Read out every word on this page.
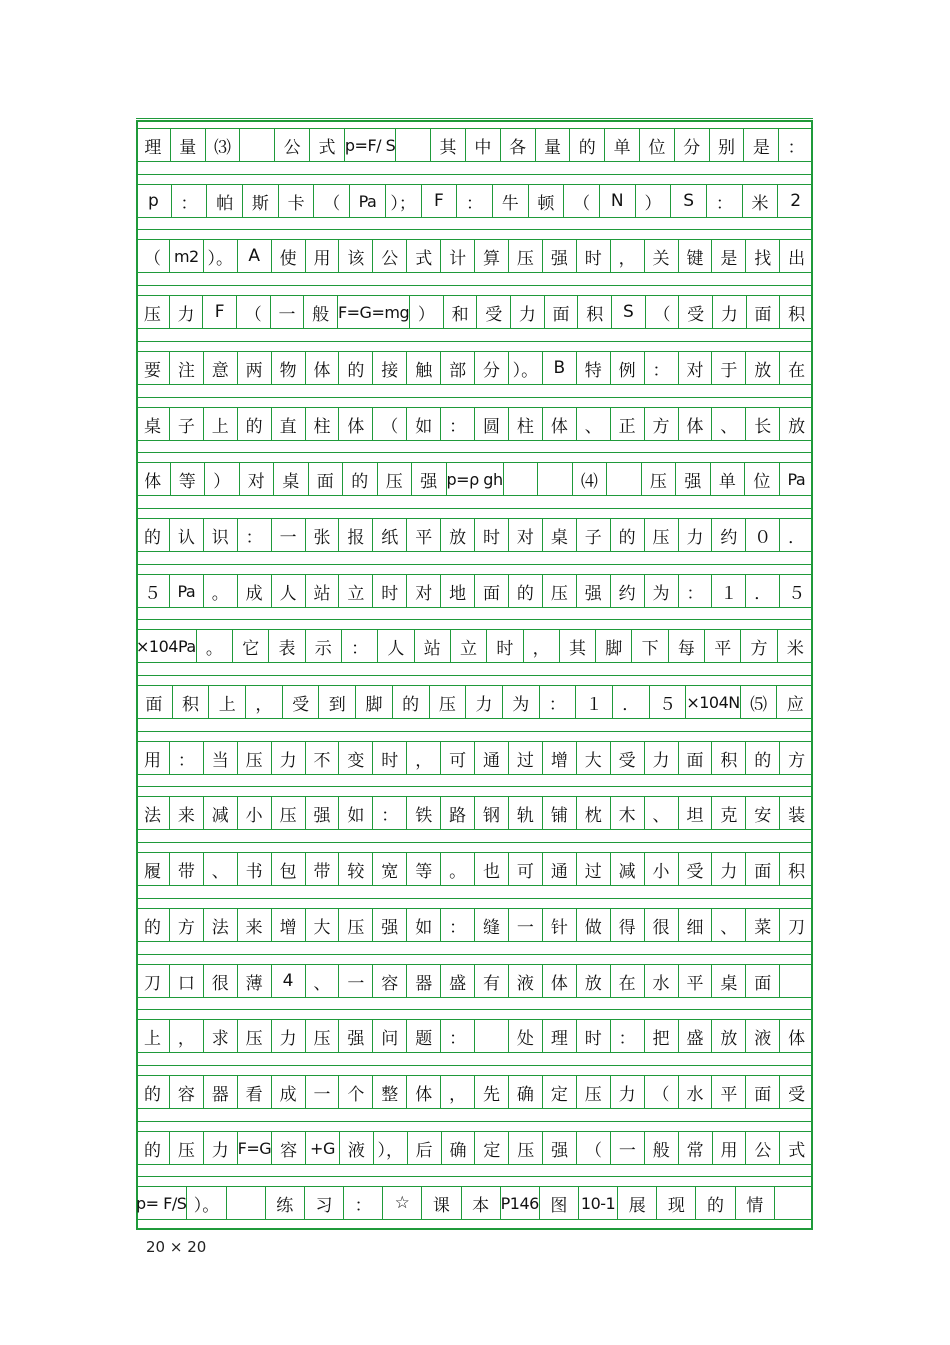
理	量	⑶	公	式 p=F/ S	其	中	各	量	的	单	位	分	别	是	：
p	：	帕	斯	卡	（	Pa ）；	F	：	牛	顿	（	N	）	S	：	米	2
（ m2 ）。 A	使 用 该 公 式 计 算 压 强 时 ， 关 键 是 找 出
压 力	F	（ 一 般 F=G=mg ） 和 受 力 面 积	S	（ 受 力 面 积
要 注 意 两 物 体 的 接 触 部 分 ）。 B	特 例 ： 对 于 放 在
桌 子 上 的 直 柱 体 （ 如 ： 圆 柱 体 、 正 方 体 、 长 放
体	等	）	对	桌	面	的	压	强 p=ρ gh	⑷	压	强	单	位	Pa
的 认 识 ： 一 张 报 纸 平 放 时 对 桌 子 的 压 力 约 ０ ．
５	Pa 。 成 人 站 立 时 对 地 面 的 压 强 约 为 ： １ ． ５
×104Pa 。	它	表	示	：	人	站	立	时	，	其	脚	下	每	平	方	米
面	积	上	，	受	到	脚	的	压	力	为	：	１	．	５ ×104N ⑸	应
用 ： 当 压 力 不 变 时 ， 可 通 过 增 大 受 力 面 积 的 方
法 来 减 小 压 强 如 ： 铁 路 钢 轨 铺 枕 木 、 坦 克 安 装
履 带 、 书 包 带 较 宽 等 。 也 可 通 过 减 小 受 力 面 积
的 方 法 来 增 大 压 强 如 ： 缝 一 针 做 得 很 细 、 菜 刀
刀 口 很 薄	4	、 一 容 器 盛 有 液 体 放 在 水 平 桌 面
上 ， 求 压 力 压 强 问 题 ：	处 理 时 ： 把 盛 放 液 体
的 容 器 看 成 一 个 整 体 ， 先 确 定 压 力 （ 水 平 面 受
的 压 力 F=G 容 +G 液 ）， 后 确 定 压 强 （ 一 般 常 用 公 式
p= F/S ）。	练	习	：	☆	课	本 P146 图 10-1 展	现	的	情
20 × 20
